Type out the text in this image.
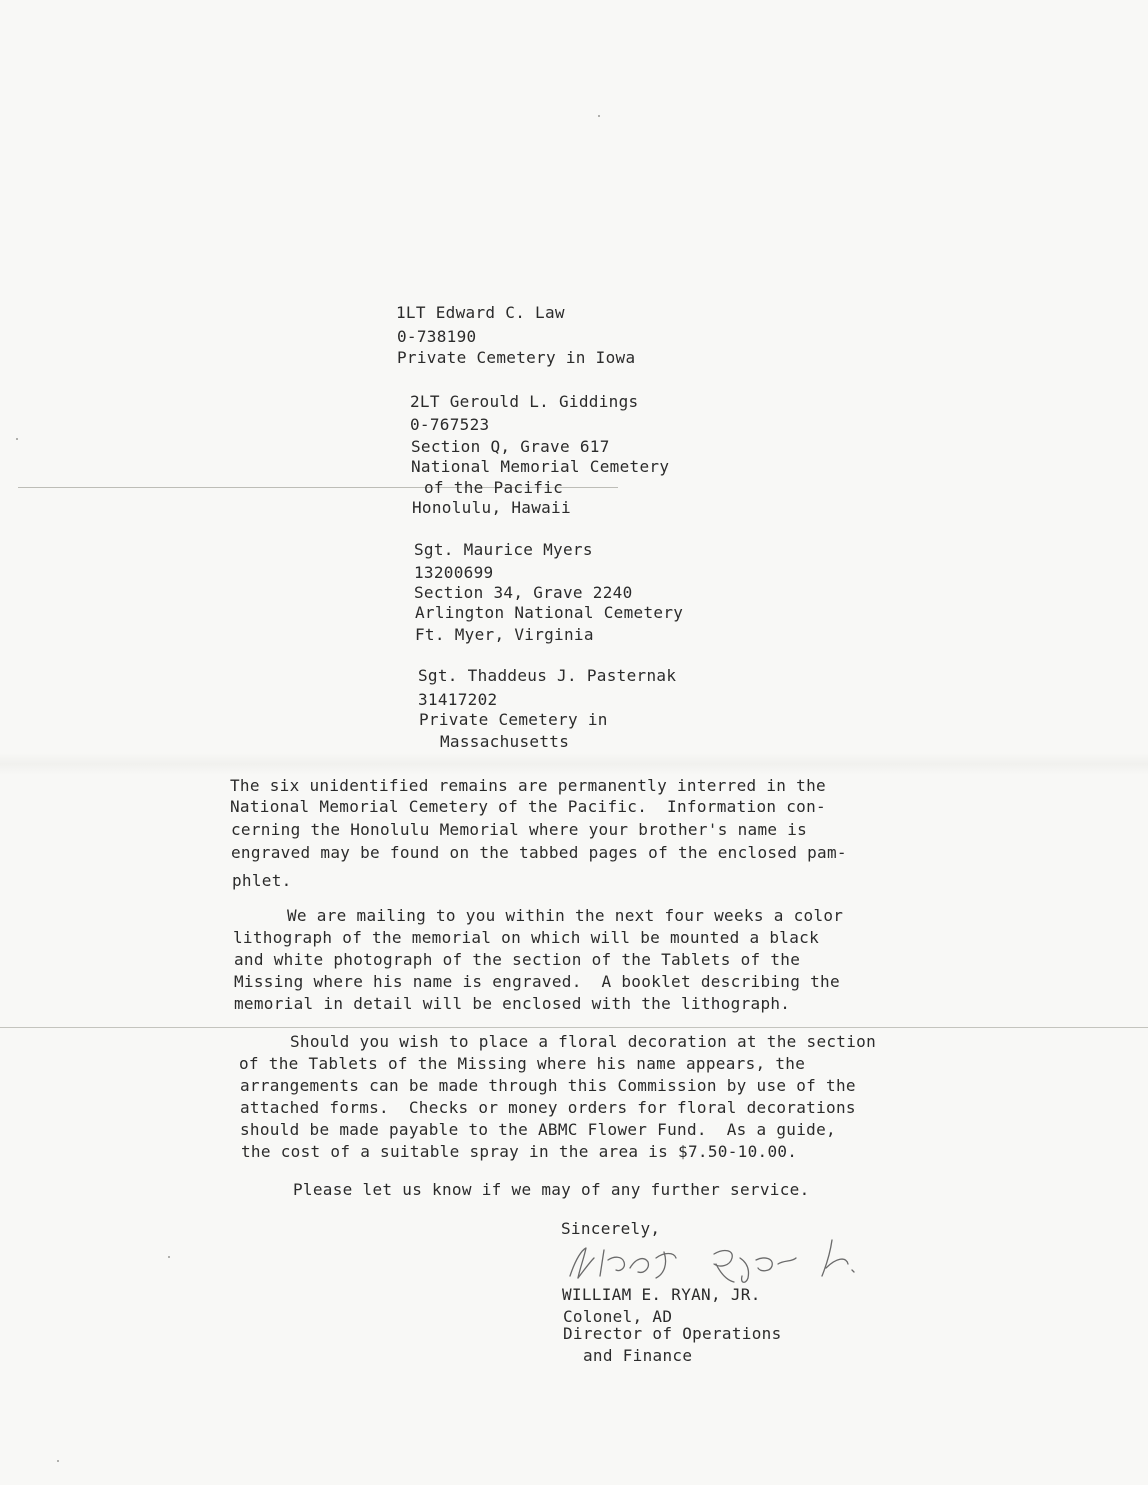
1LT Edward C. Law
0-738190
Private Cemetery in Iowa
2LT Gerould L. Giddings
0-767523
Section Q, Grave 617
National Memorial Cemetery
of the Pacific
Honolulu, Hawaii
Sgt. Maurice Myers
13200699
Section 34, Grave 2240
Arlington National Cemetery
Ft. Myer, Virginia
Sgt. Thaddeus J. Pasternak
31417202
Private Cemetery in
Massachusetts
The six unidentified remains are permanently interred in the
National Memorial Cemetery of the Pacific.  Information con-
cerning the Honolulu Memorial where your brother's name is
engraved may be found on the tabbed pages of the enclosed pam-
phlet.
We are mailing to you within the next four weeks a color
lithograph of the memorial on which will be mounted a black
and white photograph of the section of the Tablets of the
Missing where his name is engraved.  A booklet describing the
memorial in detail will be enclosed with the lithograph.
Should you wish to place a floral decoration at the section
of the Tablets of the Missing where his name appears, the
arrangements can be made through this Commission by use of the
attached forms.  Checks or money orders for floral decorations
should be made payable to the ABMC Flower Fund.  As a guide,
the cost of a suitable spray in the area is $7.50-10.00.
Please let us know if we may of any further service.
Sincerely,
WILLIAM E. RYAN, JR.
Colonel, AD
Director of Operations
and Finance
